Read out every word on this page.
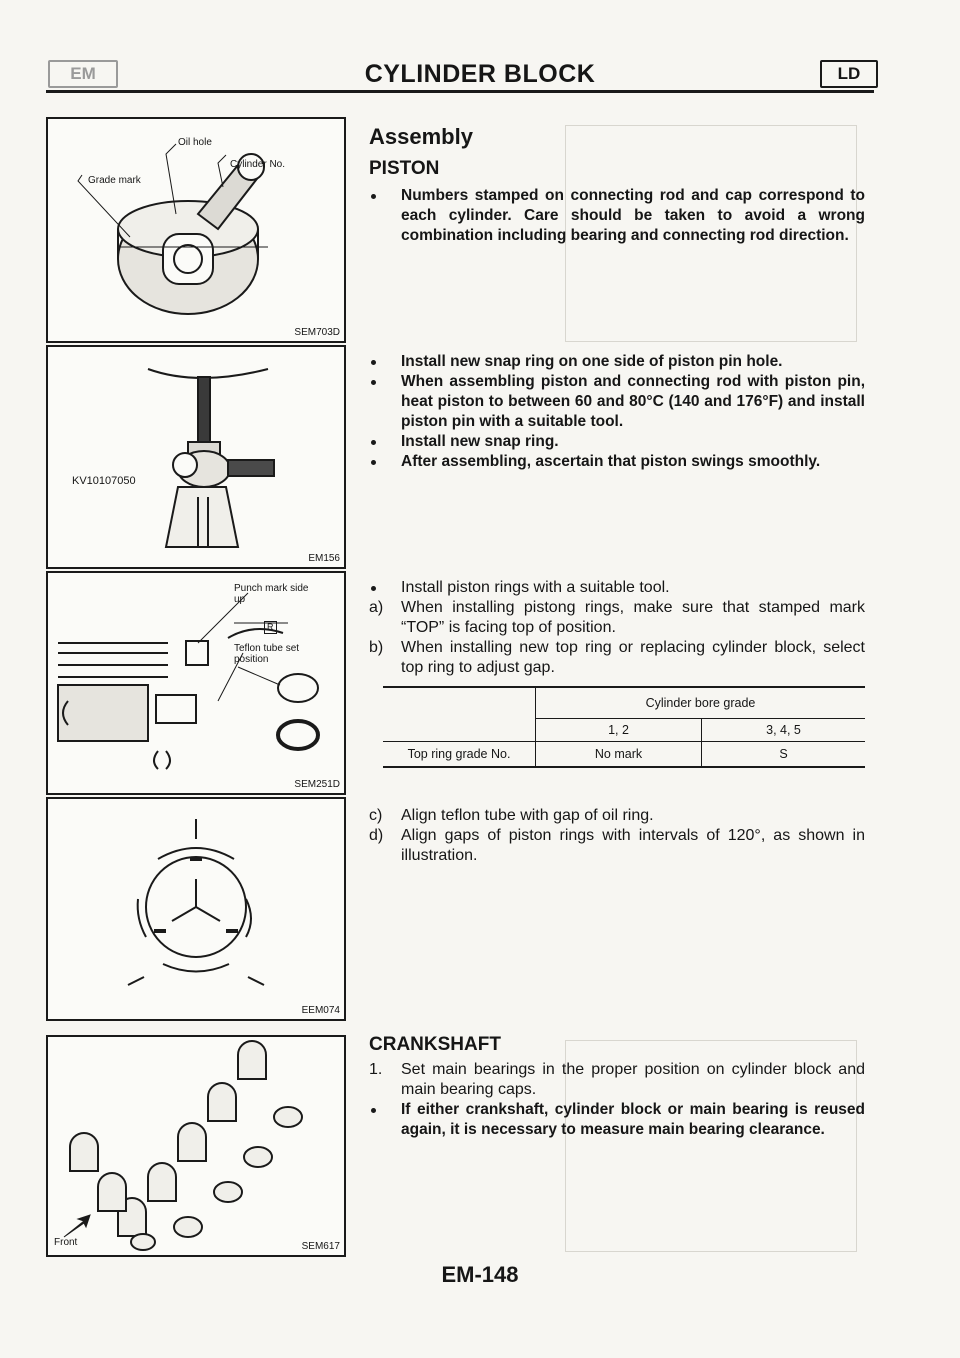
EM	CYLINDER BLOCK	LD
Oil hole
Cylinder No.
Grade mark
SEM703D
KV10107050
EM156
Punch mark side up
R
Teflon tube set position
SEM251D
EEM074
Front	SEM617
Assembly
PISTON
Numbers stamped on connecting rod and cap correspond to each cylinder. Care should be taken to avoid a wrong combination including bearing and connecting rod direction.
Install new snap ring on one side of piston pin hole.
When assembling piston and connecting rod with piston pin, heat piston to between 60 and 80°C (140 and 176°F) and install piston pin with a suitable tool.
Install new snap ring.
After assembling, ascertain that piston swings smoothly.
Install piston rings with a suitable tool.
a)	When installing pistong rings, make sure that stamped mark “TOP” is facing top of position.
b)	When installing new top ring or replacing cylinder block, select top ring to adjust gap.
	Cylinder bore grade	
	1, 2	3, 4, 5
Top ring grade No.	No mark	S
c)	Align teflon tube with gap of oil ring.
d)	Align gaps of piston rings with intervals of 120°, as shown in illustration.
CRANKSHAFT
1.	Set main bearings in the proper position on cylinder block and main bearing caps.
If either crankshaft, cylinder block or main bearing is reused again, it is necessary to measure main bearing clearance.
EM-148
